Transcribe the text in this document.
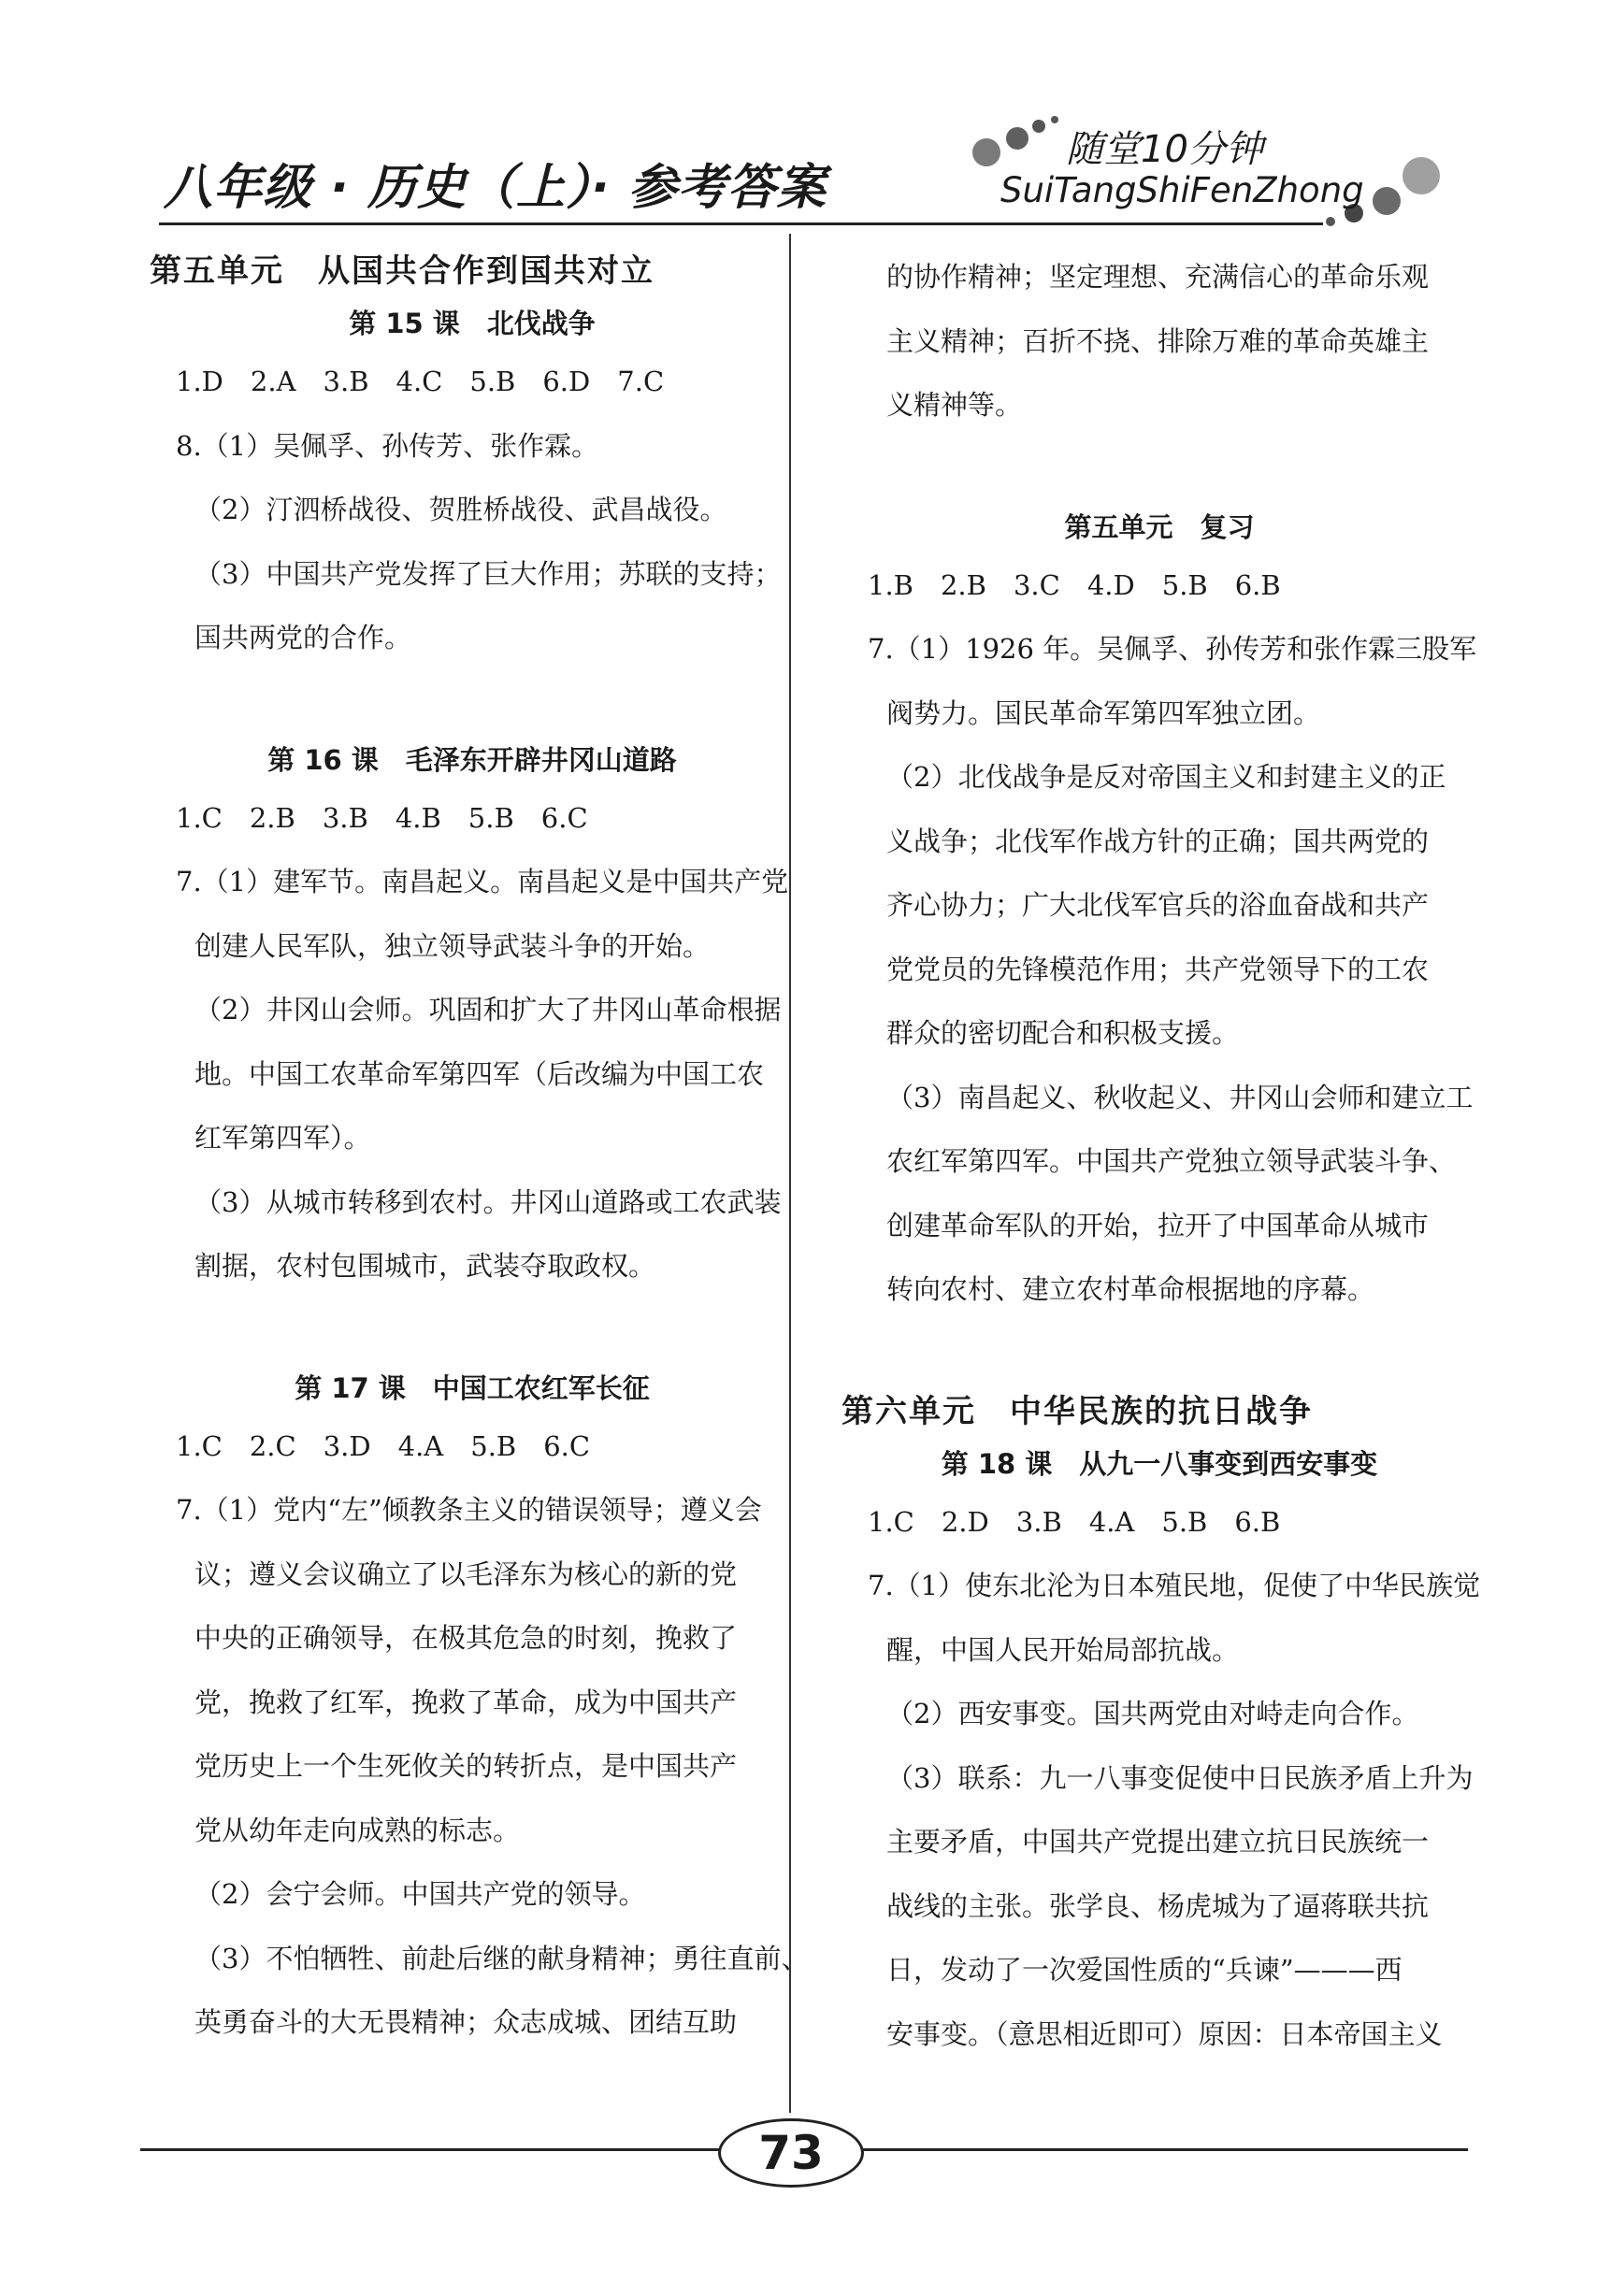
八年级 · 历史（上）· 参考答案
随堂10分钟
SuiTangShiFenZhong
第五单元　从国共合作到国共对立
第 15 课　北伐战争
1.D　2.A　3.B　4.C　5.B　6.D　7.C
8.（1）吴佩孚、孙传芳、张作霖。
（2）汀泗桥战役、贺胜桥战役、武昌战役。
（3）中国共产党发挥了巨大作用；苏联的支持；
国共两党的合作。
第 16 课　毛泽东开辟井冈山道路
1.C　2.B　3.B　4.B　5.B　6.C
7.（1）建军节。南昌起义。南昌起义是中国共产党
创建人民军队，独立领导武装斗争的开始。
（2）井冈山会师。巩固和扩大了井冈山革命根据
地。中国工农革命军第四军（后改编为中国工农
红军第四军）。
（3）从城市转移到农村。井冈山道路或工农武装
割据，农村包围城市，武装夺取政权。
第 17 课　中国工农红军长征
1.C　2.C　3.D　4.A　5.B　6.C
7.（1）党内“左”倾教条主义的错误领导；遵义会
议；遵义会议确立了以毛泽东为核心的新的党
中央的正确领导，在极其危急的时刻，挽救了
党，挽救了红军，挽救了革命，成为中国共产
党历史上一个生死攸关的转折点，是中国共产
党从幼年走向成熟的标志。
（2）会宁会师。中国共产党的领导。
（3）不怕牺牲、前赴后继的献身精神；勇往直前、
英勇奋斗的大无畏精神；众志成城、团结互助
的协作精神；坚定理想、充满信心的革命乐观
主义精神；百折不挠、排除万难的革命英雄主
义精神等。
第五单元　复习
1.B　2.B　3.C　4.D　5.B　6.B
7.（1）1926 年。吴佩孚、孙传芳和张作霖三股军
阀势力。国民革命军第四军独立团。
（2）北伐战争是反对帝国主义和封建主义的正
义战争；北伐军作战方针的正确；国共两党的
齐心协力；广大北伐军官兵的浴血奋战和共产
党党员的先锋模范作用；共产党领导下的工农
群众的密切配合和积极支援。
（3）南昌起义、秋收起义、井冈山会师和建立工
农红军第四军。中国共产党独立领导武装斗争、
创建革命军队的开始，拉开了中国革命从城市
转向农村、建立农村革命根据地的序幕。
第六单元　中华民族的抗日战争
第 18 课　从九一八事变到西安事变
1.C　2.D　3.B　4.A　5.B　6.B
7.（1）使东北沦为日本殖民地，促使了中华民族觉
醒，中国人民开始局部抗战。
（2）西安事变。国共两党由对峙走向合作。
（3）联系：九一八事变促使中日民族矛盾上升为
主要矛盾，中国共产党提出建立抗日民族统一
战线的主张。张学良、杨虎城为了逼蒋联共抗
日，发动了一次爱国性质的“兵谏”———西
安事变。（意思相近即可）原因：日本帝国主义
73
